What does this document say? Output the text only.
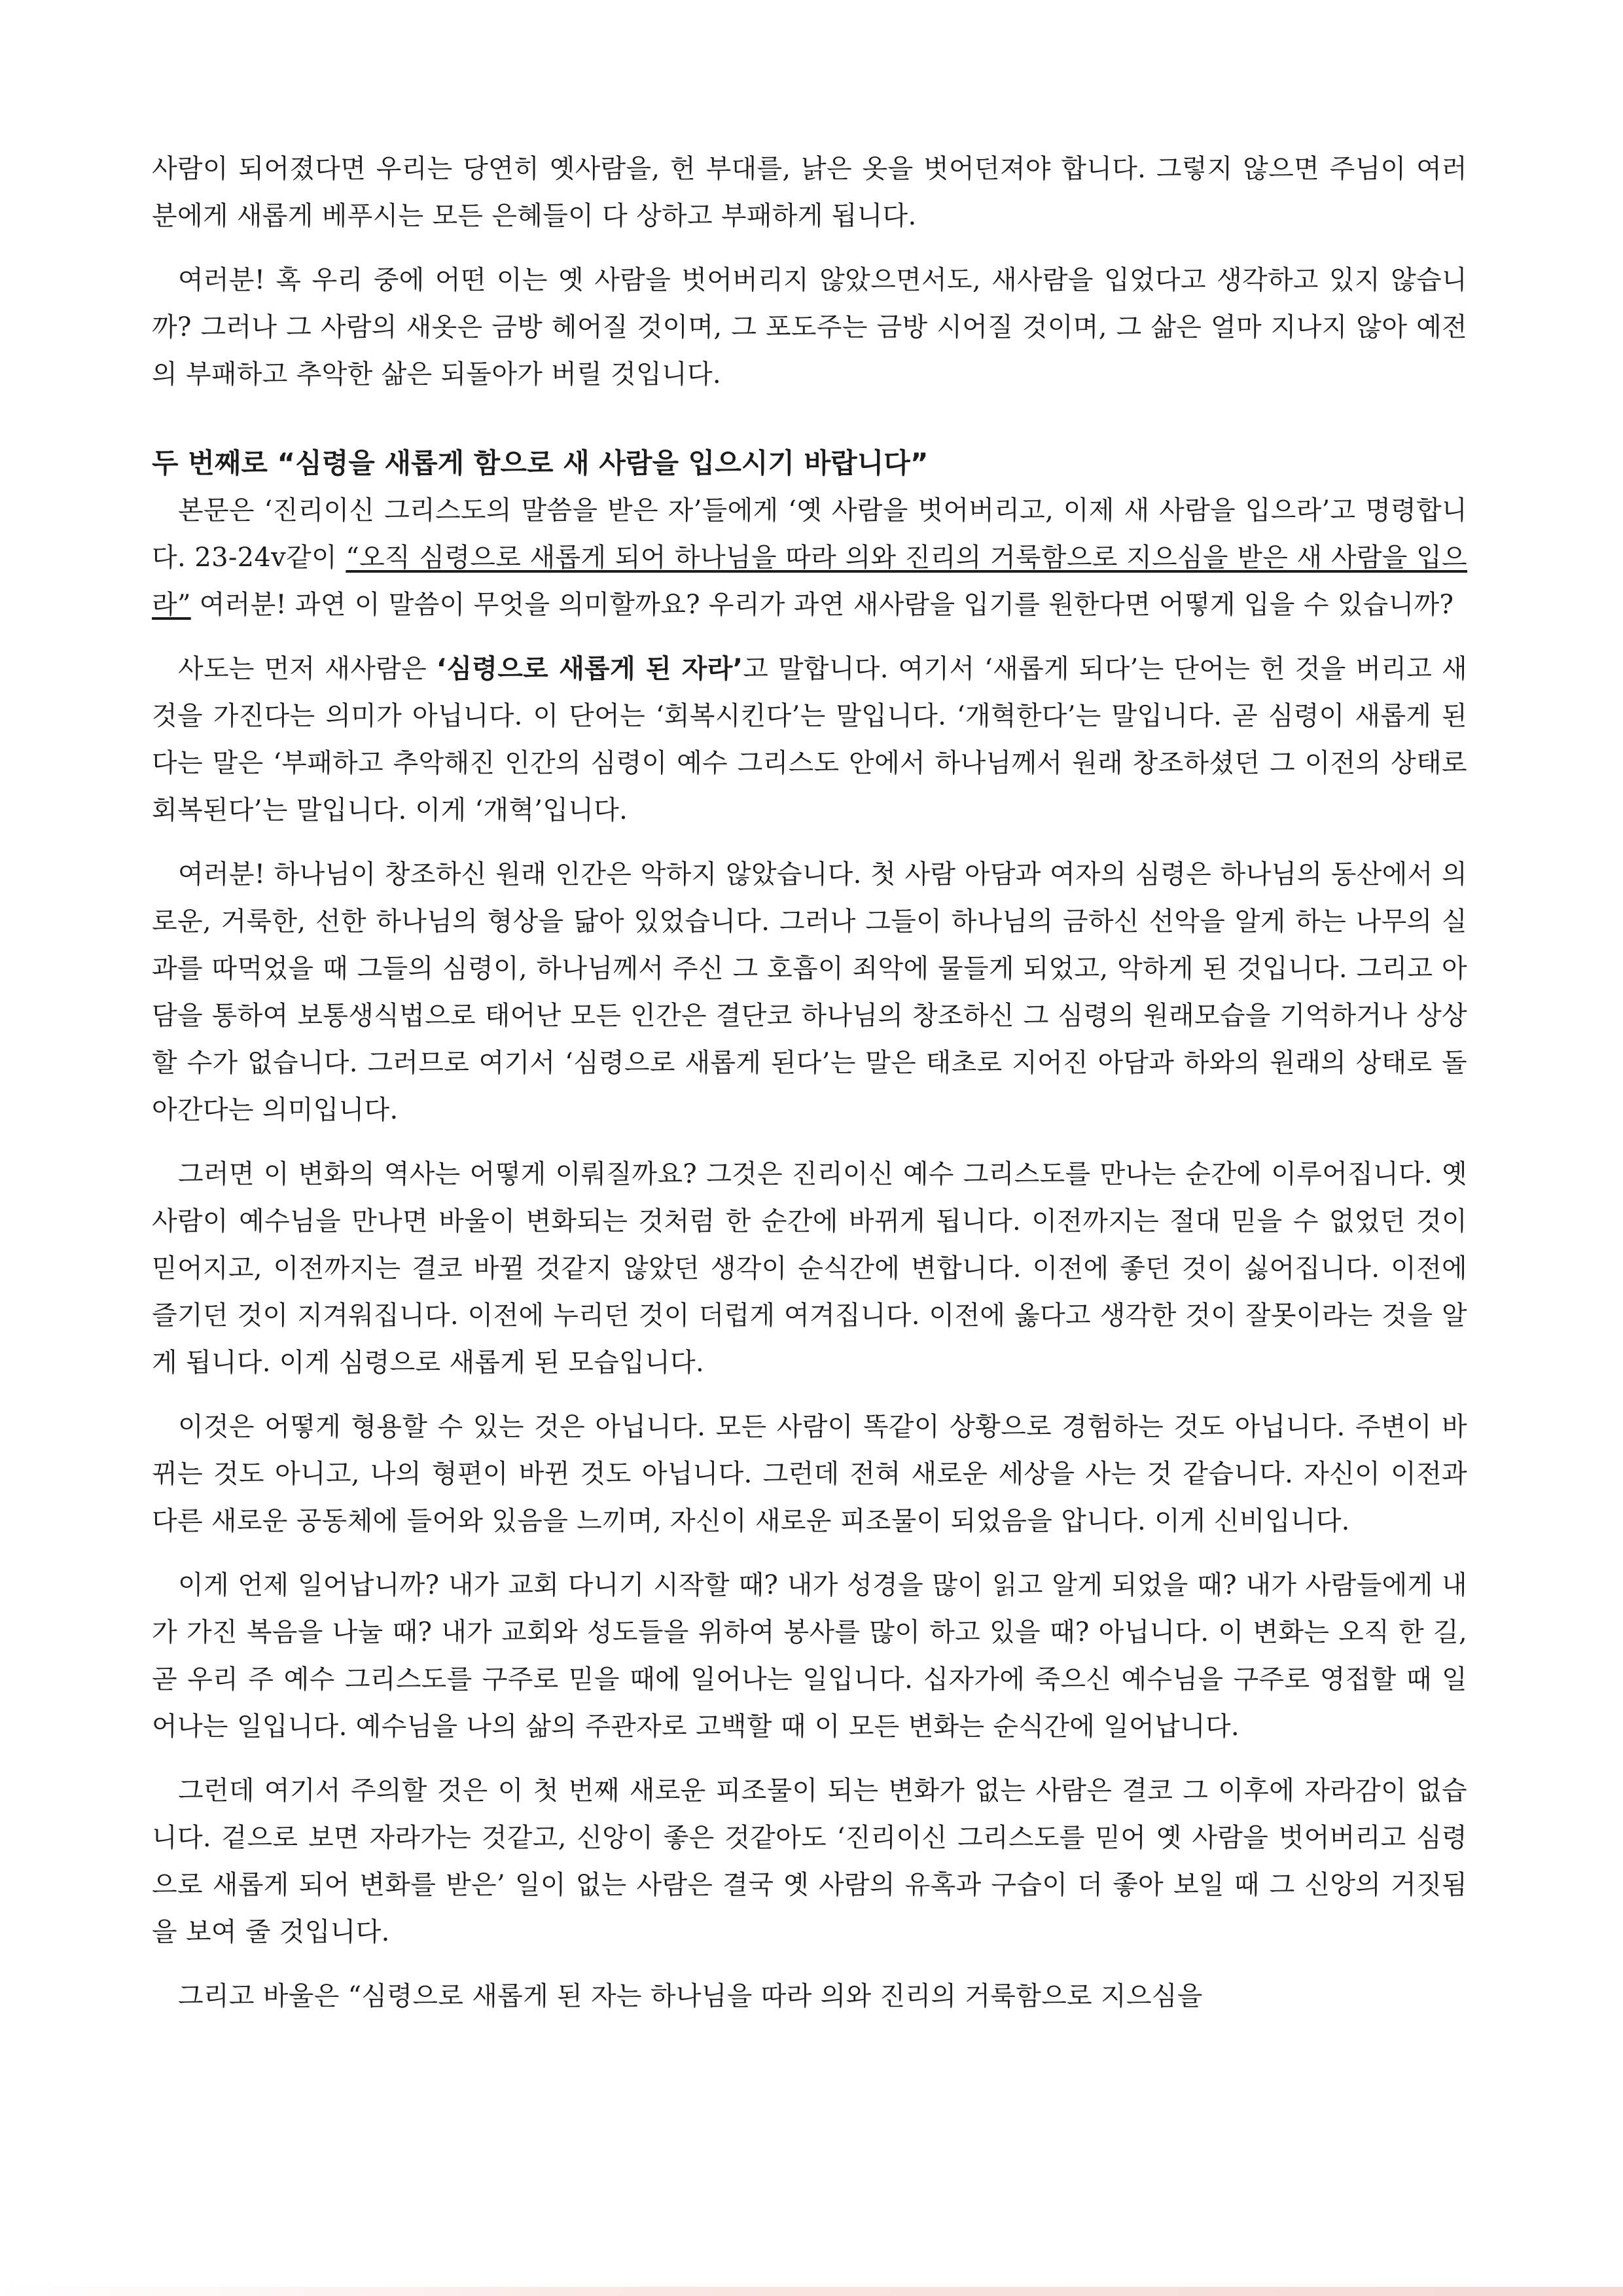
사람이 되어졌다면 우리는 당연히 옛사람을, 헌 부대를, 낡은 옷을 벗어던져야 합니다. 그렇지 않으면 주님이 여러분에게 새롭게 베푸시는 모든 은혜들이 다 상하고 부패하게 됩니다.

여러분! 혹 우리 중에 어떤 이는 옛 사람을 벗어버리지 않았으면서도, 새사람을 입었다고 생각하고 있지 않습니까? 그러나 그 사람의 새옷은 금방 헤어질 것이며, 그 포도주는 금방 시어질 것이며, 그 삶은 얼마 지나지 않아 예전의 부패하고 추악한 삶은 되돌아가 버릴 것입니다.

두 번째로 “심령을 새롭게 함으로 새 사람을 입으시기 바랍니다”

본문은 ‘진리이신 그리스도의 말씀을 받은 자’들에게 ‘옛 사람을 벗어버리고, 이제 새 사람을 입으라’고 명령합니다. 23-24v같이 “오직 심령으로 새롭게 되어 하나님을 따라 의와 진리의 거룩함으로 지으심을 받은 새 사람을 입으라” 여러분! 과연 이 말씀이 무엇을 의미할까요? 우리가 과연 새사람을 입기를 원한다면 어떻게 입을 수 있습니까?

사도는 먼저 새사람은 ‘심령으로 새롭게 된 자라’고 말합니다. 여기서 ‘새롭게 되다’는 단어는 헌 것을 버리고 새것을 가진다는 의미가 아닙니다. 이 단어는 ‘회복시킨다’는 말입니다. ‘개혁한다’는 말입니다. 곧 심령이 새롭게 된다는 말은 ‘부패하고 추악해진 인간의 심령이 예수 그리스도 안에서 하나님께서 원래 창조하셨던 그 이전의 상태로 회복된다’는 말입니다. 이게 ‘개혁’입니다.

여러분! 하나님이 창조하신 원래 인간은 악하지 않았습니다. 첫 사람 아담과 여자의 심령은 하나님의 동산에서 의로운, 거룩한, 선한 하나님의 형상을 닮아 있었습니다. 그러나 그들이 하나님의 금하신 선악을 알게 하는 나무의 실과를 따먹었을 때 그들의 심령이, 하나님께서 주신 그 호흡이 죄악에 물들게 되었고, 악하게 된 것입니다. 그리고 아담을 통하여 보통생식법으로 태어난 모든 인간은 결단코 하나님의 창조하신 그 심령의 원래모습을 기억하거나 상상할 수가 없습니다. 그러므로 여기서 ‘심령으로 새롭게 된다’는 말은 태초로 지어진 아담과 하와의 원래의 상태로 돌아간다는 의미입니다.

그러면 이 변화의 역사는 어떻게 이뤄질까요? 그것은 진리이신 예수 그리스도를 만나는 순간에 이루어집니다. 옛 사람이 예수님을 만나면 바울이 변화되는 것처럼 한 순간에 바뀌게 됩니다. 이전까지는 절대 믿을 수 없었던 것이 믿어지고, 이전까지는 결코 바뀔 것같지 않았던 생각이 순식간에 변합니다. 이전에 좋던 것이 싫어집니다. 이전에 즐기던 것이 지겨워집니다. 이전에 누리던 것이 더럽게 여겨집니다. 이전에 옳다고 생각한 것이 잘못이라는 것을 알게 됩니다. 이게 심령으로 새롭게 된 모습입니다.

이것은 어떻게 형용할 수 있는 것은 아닙니다. 모든 사람이 똑같이 상황으로 경험하는 것도 아닙니다. 주변이 바뀌는 것도 아니고, 나의 형편이 바뀐 것도 아닙니다. 그런데 전혀 새로운 세상을 사는 것 같습니다. 자신이 이전과 다른 새로운 공동체에 들어와 있음을 느끼며, 자신이 새로운 피조물이 되었음을 압니다. 이게 신비입니다.

이게 언제 일어납니까? 내가 교회 다니기 시작할 때? 내가 성경을 많이 읽고 알게 되었을 때? 내가 사람들에게 내가 가진 복음을 나눌 때? 내가 교회와 성도들을 위하여 봉사를 많이 하고 있을 때? 아닙니다. 이 변화는 오직 한 길, 곧 우리 주 예수 그리스도를 구주로 믿을 때에 일어나는 일입니다. 십자가에 죽으신 예수님을 구주로 영접할 때 일어나는 일입니다. 예수님을 나의 삶의 주관자로 고백할 때 이 모든 변화는 순식간에 일어납니다.

그런데 여기서 주의할 것은 이 첫 번째 새로운 피조물이 되는 변화가 없는 사람은 결코 그 이후에 자라감이 없습니다. 겉으로 보면 자라가는 것같고, 신앙이 좋은 것같아도 ‘진리이신 그리스도를 믿어 옛 사람을 벗어버리고 심령으로 새롭게 되어 변화를 받은’ 일이 없는 사람은 결국 옛 사람의 유혹과 구습이 더 좋아 보일 때 그 신앙의 거짓됨을 보여 줄 것입니다.

그리고 바울은 “심령으로 새롭게 된 자는 하나님을 따라 의와 진리의 거룩함으로 지으심을
